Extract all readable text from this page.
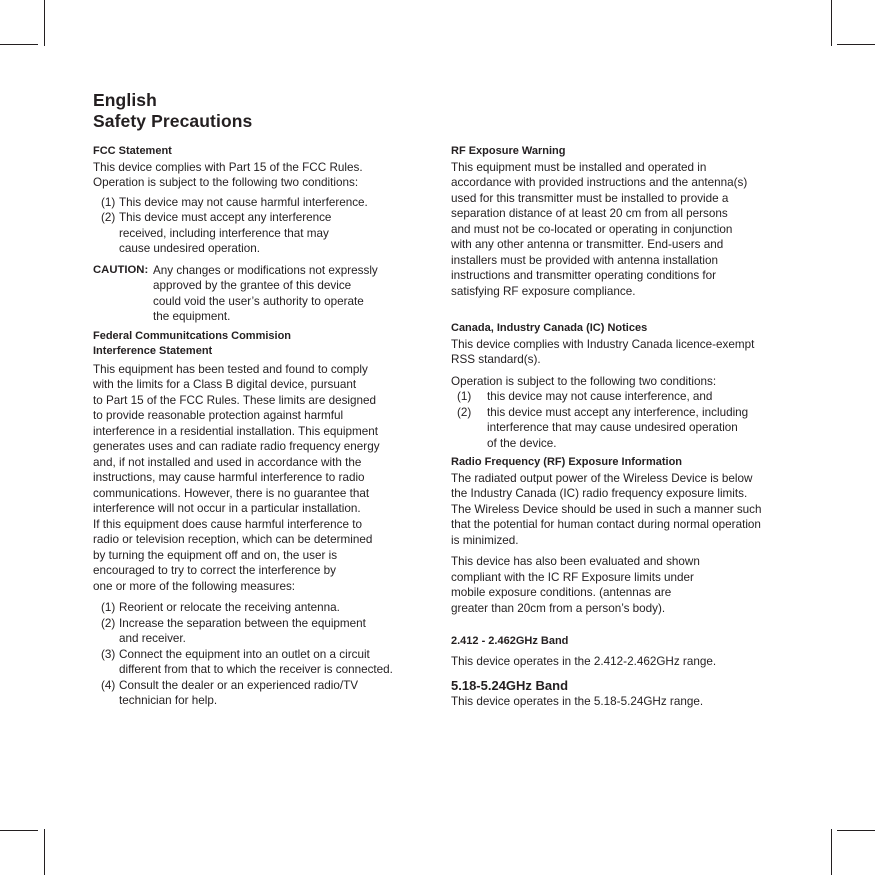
English
Safety Precautions
FCC Statement
This device complies with Part 15 of the FCC Rules.
Operation is subject to the following two conditions:
(1) This device may not cause harmful interference.
(2) This device must accept any interference
received, including interference that may
cause undesired operation.
CAUTION: Any changes or modifications not expressly
approved by the grantee of this device
could void the user’s authority to operate
the equipment.
Federal Communitcations Commision
Interference Statement
This equipment has been tested and found to comply
with the limits for a Class B digital device, pursuant
to Part 15 of the FCC Rules. These limits are designed
to provide reasonable protection against harmful
interference in a residential installation. This equipment
generates uses and can radiate radio frequency energy
and, if not installed and used in accordance with the
instructions, may cause harmful interference to radio
communications. However, there is no guarantee that
interference will not occur in a particular installation.
If this equipment does cause harmful interference to
radio or television reception, which can be determined
by turning the equipment off and on, the user is
encouraged to try to correct the interference by
one or more of the following measures:
(1) Reorient or relocate the receiving antenna.
(2) Increase the separation between the equipment
and receiver.
(3) Connect the equipment into an outlet on a circuit
different from that to which the receiver is connected.
(4) Consult the dealer or an experienced radio/TV
technician for help.
RF Exposure Warning
This equipment must be installed and operated in
accordance with provided instructions and the antenna(s)
used for this transmitter must be installed to provide a
separation distance of at least 20 cm from all persons
and must not be co-located or operating in conjunction
with any other antenna or transmitter. End-users and
installers must be provided with antenna installation
instructions and transmitter operating conditions for
satisfying RF exposure compliance.
Canada, Industry Canada (IC) Notices
This device complies with Industry Canada licence-exempt
RSS standard(s).
Operation is subject to the following two conditions:
(1)	this device may not cause interference, and
(2)	this device must accept any interference, including
interference that may cause undesired operation
of the device.
Radio Frequency (RF) Exposure Information
The radiated output power of the Wireless Device is below
the Industry Canada (IC) radio frequency exposure limits.
The Wireless Device should be used in such a manner such
that the potential for human contact during normal operation
is minimized.
This device has also been evaluated and shown
compliant with the IC RF Exposure limits under
mobile exposure conditions. (antennas are
greater than 20cm from a person’s body).
2.412 - 2.462GHz Band
This device operates in the 2.412-2.462GHz range.
5.18-5.24GHz Band
This device operates in the 5.18-5.24GHz range.
